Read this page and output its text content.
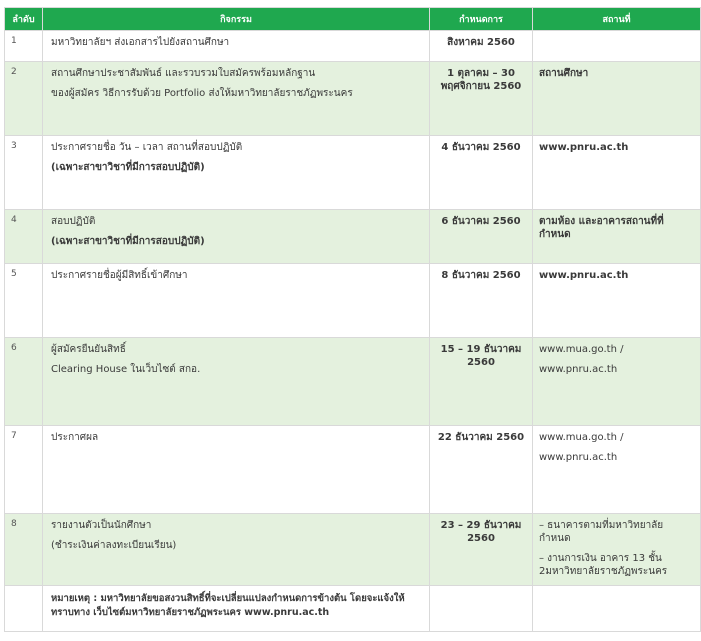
ลำดับ	กิจกรรม	กำหนดการ	สถานที่
1	มหาวิทยาลัยฯ ส่งเอกสารไปยังสถานศึกษา	สิงหาคม 2560	
2	สถานศึกษาประชาสัมพันธ์ และรวบรวมใบสมัครพร้อมหลักฐาน
ของผู้สมัคร วิธีการรับด้วย Portfolio ส่งให้มหาวิทยาลัยราชภัฏพระนคร	1 ตุลาคม – 30 พฤศจิกายน 2560	สถานศึกษา

3	ประกาศรายชื่อ วัน – เวลา สถานที่สอบปฏิบัติ
(เฉพาะสาขาวิชาที่มีการสอบปฏิบัติ)	4 ธันวาคม 2560	www.pnru.ac.th

4	สอบปฏิบัติ
(เฉพาะสาขาวิชาที่มีการสอบปฏิบัติ)	6 ธันวาคม 2560	ตามห้อง และอาคารสถานที่ที่กำหนด

5	ประกาศรายชื่อผู้มีสิทธิ์เข้าศึกษา	8 ธันวาคม 2560	www.pnru.ac.th

6	ผู้สมัครยืนยันสิทธิ์
Clearing House ในเว็บไซต์ สกอ.	15 – 19 ธันวาคม 2560	www.mua.go.th /
www.pnru.ac.th

7	ประกาศผล	22 ธันวาคม 2560	www.mua.go.th /
www.pnru.ac.th

8	รายงานตัวเป็นนักศึกษา
(ชำระเงินค่าลงทะเบียนเรียน)	23 – 29 ธันวาคม 2560	– ธนาคารตามที่มหาวิทยาลัยกำหนด
– งานการเงิน อาคาร 13 ชั้น 2มหาวิทยาลัยราชภัฏพระนคร

	หมายเหตุ : มหาวิทยาลัยขอสงวนสิทธิ์ที่จะเปลี่ยนแปลงกำหนดการข้างต้น โดยจะแจ้งให้ทราบทาง เว็บไซต์มหาวิทยาลัยราชภัฏพระนคร www.pnru.ac.th		
